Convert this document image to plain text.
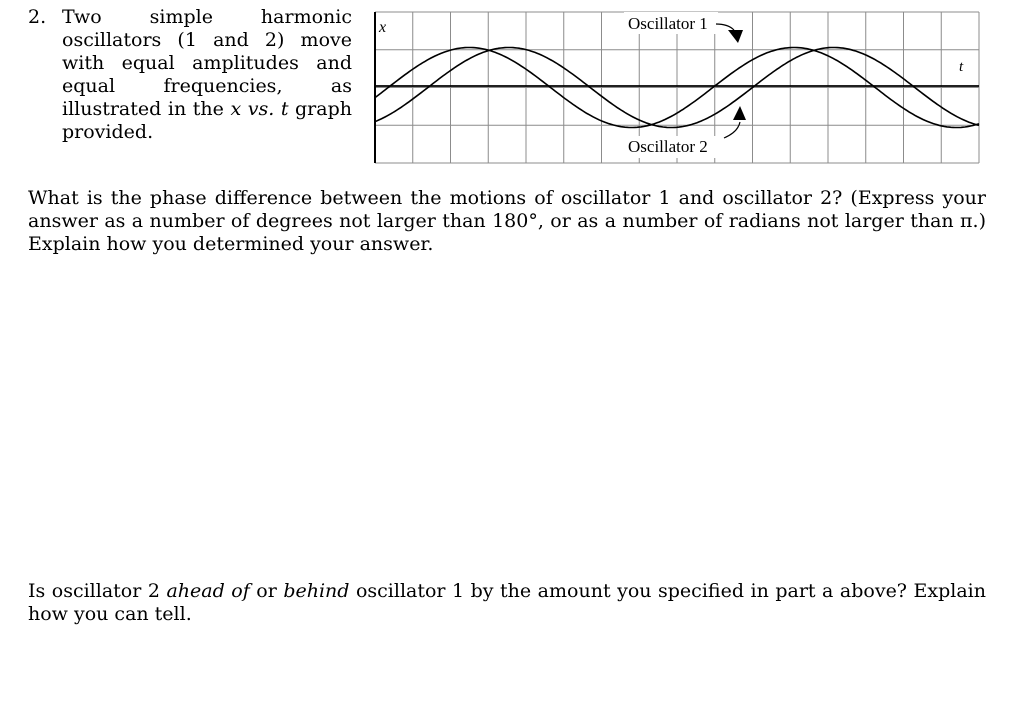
2. Two simple harmonic oscillators (1 and 2) move with equal amplitudes and equal frequencies, as illustrated in the x vs. t graph provided.
Oscillator 1
Oscillator 2
x
t
What is the phase difference between the motions of oscillator 1 and oscillator 2? (Express your answer as a number of degrees not larger than 180°, or as a number of radians not larger than π.) Explain how you determined your answer.
Is oscillator 2 ahead of or behind oscillator 1 by the amount you specified in part a above? Explain how you can tell.
